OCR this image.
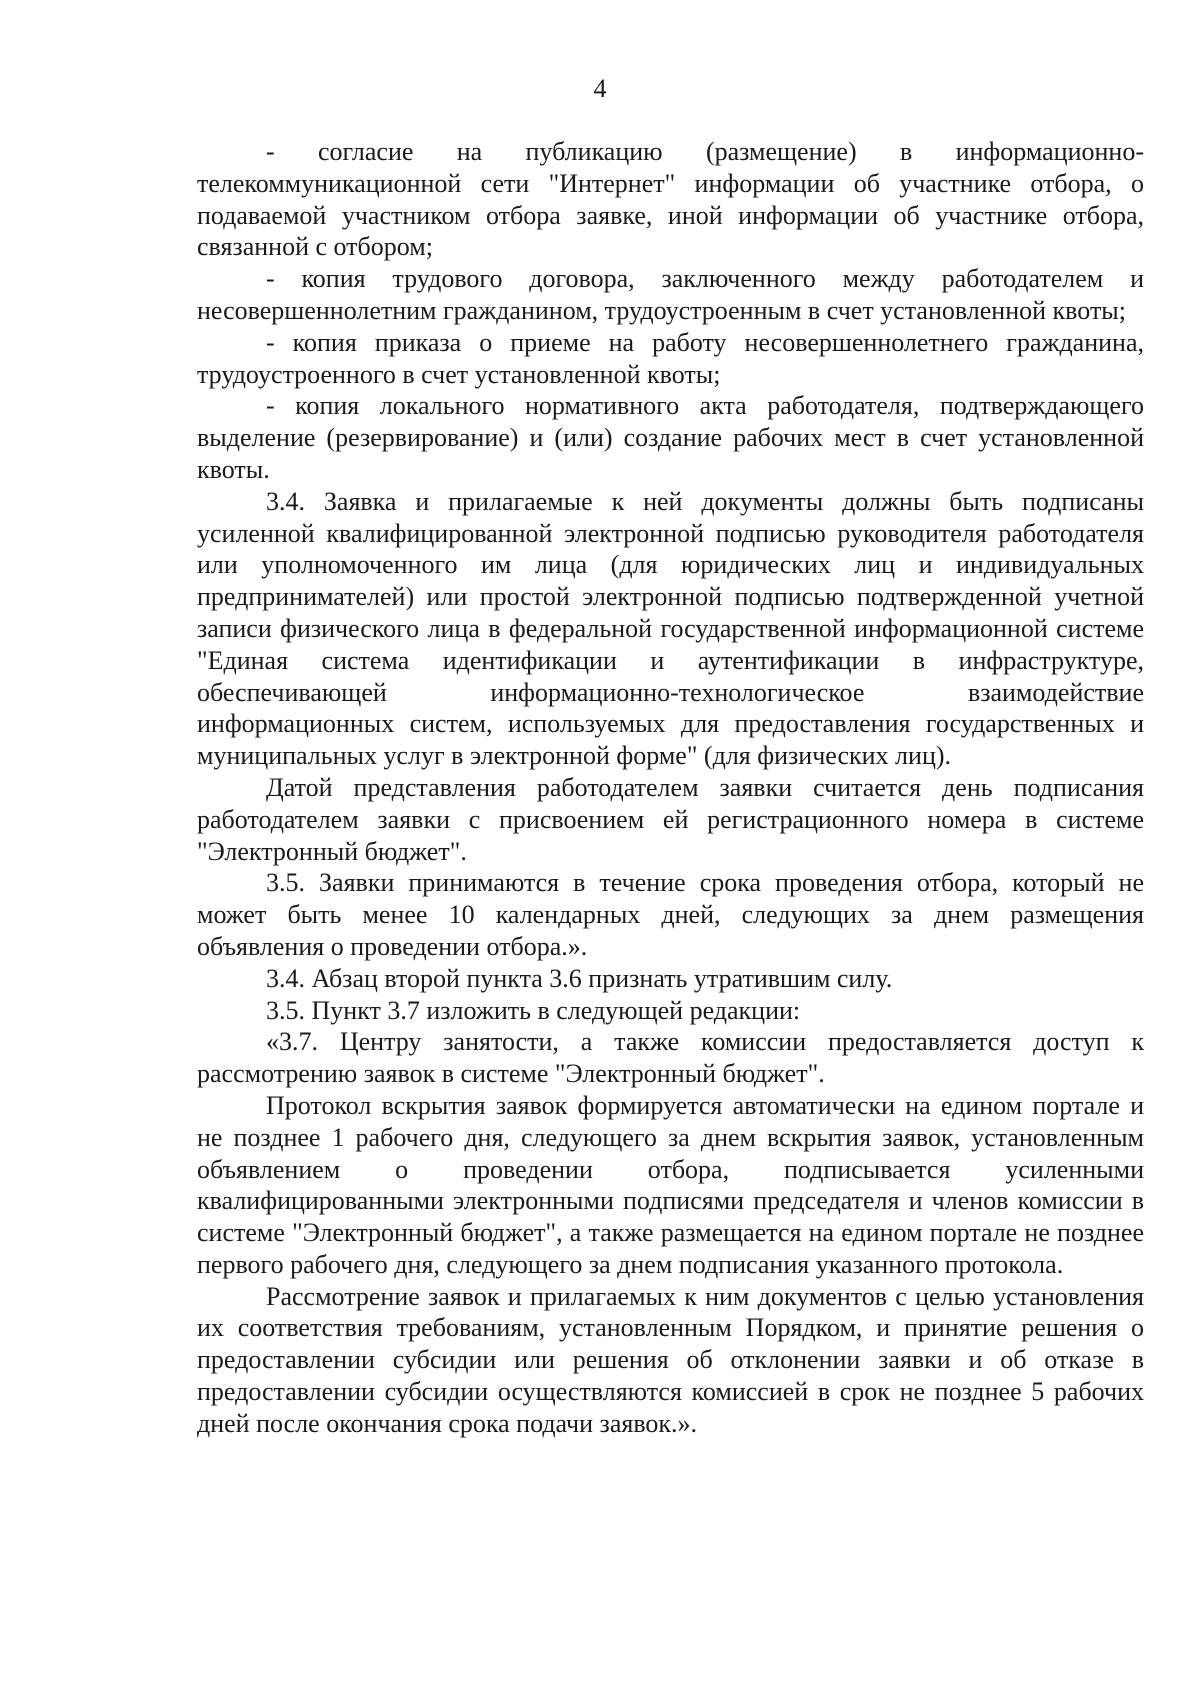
4

- согласие на публикацию (размещение) в информационно-телекоммуникационной сети "Интернет" информации об участнике отбора, о подаваемой участником отбора заявке, иной информации об участнике отбора, связанной с отбором;

- копия трудового договора, заключенного между работодателем и несовершеннолетним гражданином, трудоустроенным в счет установленной квоты;

- копия приказа о приеме на работу несовершеннолетнего гражданина, трудоустроенного в счет установленной квоты;

- копия локального нормативного акта работодателя, подтверждающего выделение (резервирование) и (или) создание рабочих мест в счет установленной квоты.

3.4. Заявка и прилагаемые к ней документы должны быть подписаны усиленной квалифицированной электронной подписью руководителя работодателя или уполномоченного им лица (для юридических лиц и индивидуальных предпринимателей) или простой электронной подписью подтвержденной учетной записи физического лица в федеральной государственной информационной системе "Единая система идентификации и аутентификации в инфраструктуре, обеспечивающей информационно-технологическое взаимодействие информационных систем, используемых для предоставления государственных и муниципальных услуг в электронной форме" (для физических лиц).

Датой представления работодателем заявки считается день подписания работодателем заявки с присвоением ей регистрационного номера в системе "Электронный бюджет".

3.5. Заявки принимаются в течение срока проведения отбора, который не может быть менее 10 календарных дней, следующих за днем размещения объявления о проведении отбора.».

3.4. Абзац второй пункта 3.6 признать утратившим силу.

3.5. Пункт 3.7 изложить в следующей редакции:

«3.7. Центру занятости, а также комиссии предоставляется доступ к рассмотрению заявок в системе "Электронный бюджет".

Протокол вскрытия заявок формируется автоматически на едином портале и не позднее 1 рабочего дня, следующего за днем вскрытия заявок, установленным объявлением о проведении отбора, подписывается усиленными квалифицированными электронными подписями председателя и членов комиссии в системе "Электронный бюджет", а также размещается на едином портале не позднее первого рабочего дня, следующего за днем подписания указанного протокола.

Рассмотрение заявок и прилагаемых к ним документов с целью установления их соответствия требованиям, установленным Порядком, и принятие решения о предоставлении субсидии или решения об отклонении заявки и об отказе в предоставлении субсидии осуществляются комиссией в срок не позднее 5 рабочих дней после окончания срока подачи заявок.».
